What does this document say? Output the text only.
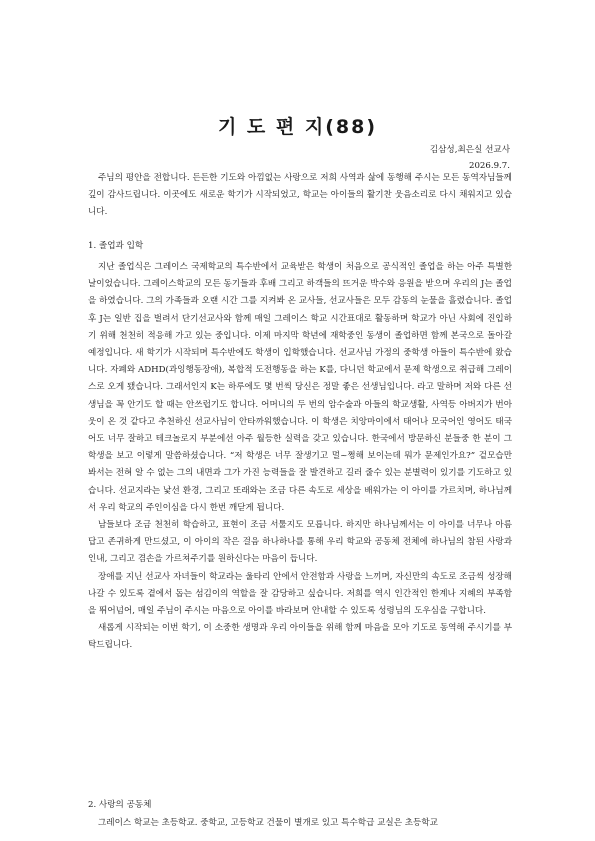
기 도 편 지(88)
김삼성,최은실 선교사
2026.9.7.

주님의 평안을 전합니다. 든든한 기도와 아낌없는 사랑으로 저희 사역과 삶에 동행해 주시는 모든 동역자님들께 깊이 감사드립니다. 이곳에도 새로운 학기가 시작되었고, 학교는 아이들의 활기찬 웃음소리로 다시 채워지고 있습니다.

1. 졸업과 입학

지난 졸업식은 그레이스 국제학교의 특수반에서 교육받은 학생이 처음으로 공식적인 졸업을 하는 아주 특별한 날이었습니다. 그레이스학교의 모든 동기들과 후배 그리고 하객들의 뜨거운 박수와 응원을 받으며 우리의 J는 졸업을 하였습니다. 그의 가족들과 오랜 시간 그를 지켜봐 온 교사들, 선교사들은 모두 감동의 눈물을 흘렸습니다. 졸업후 J는 일반 집을 벌려서 단기선교사와 함께 매일 그레이스 학교 시간표대로 활동하며 학교가 아닌 사회에 진입하기 위해 천천히 적응해 가고 있는 중입니다. 이제 마지막 학년에 재학중인 동생이 졸업하면 함께 본국으로 돌아갈 예정입니다. 새 학기가 시작되며 특수반에도 학생이 입학했습니다. 선교사님 가정의 중학생 아들이 특수반에 왔습니다. 자폐와 ADHD(과잉행동장애), 복합적 도전행동을 하는 K를, 다니던 학교에서 문제 학생으로 취급해 그레이스로 오게 됐습니다. 그래서인지 K는 하루에도 몇 번씩 당신은 정말 좋은 선생님입니다. 라고 말하며 저와 다른 선생님을 꼭 안기도 할 때는 안쓰럽기도 합니다. 어머니의 두 번의 암수술과 아들의 학교생활, 사역등 아버지가 번아웃이 온 것 같다고 추천하신 선교사님이 안타까워했습니다. 이 학생은 치앙마이에서 태어나 모국어인 영어도 태국어도 너무 잘하고 테크놀로지 부분에선 아주 월등한 실력을 갖고 있습니다. 한국에서 방문하신 분들중 한 분이 그 학생을 보고 이렇게 말씀하셨습니다. “저 학생은 너무 잘생기고 멀~쩡해 보이는데 뭐가 문제인가요?” 겉모습만 봐서는 전혀 알 수 없는 그의 내면과 그가 가진 능력들을 잘 발견하고 길러 줄수 있는 분별력이 있기를 기도하고 있습니다. 선교지라는 낯선 환경, 그리고 또래와는 조금 다른 속도로 세상을 배워가는 이 아이를 가르치며, 하나님께서 우리 학교의 주인이심을 다시 한번 깨닫게 됩니다.

남들보다 조금 천천히 학습하고, 표현이 조금 서툴지도 모릅니다. 하지만 하나님께서는 이 아이를 너무나 아름답고 존귀하게 만드셨고, 이 아이의 작은 걸음 하나하나를 통해 우리 학교와 공동체 전체에 하나님의 참된 사랑과 인내, 그리고 겸손을 가르쳐주기를 원하신다는 마음이 듭니다.

장애를 지닌 선교사 자녀들이 학교라는 울타리 안에서 안전함과 사랑을 느끼며, 자신만의 속도로 조금씩 성장해 나갈 수 있도록 곁에서 돕는 섬김이의 역할을 잘 감당하고 싶습니다. 저희를 역시 인간적인 한계나 지혜의 부족함을 뛰어넘어, 매일 주님이 주시는 마음으로 아이를 바라보며 안내할 수 있도록 성령님의 도우심을 구합니다.

새롭게 시작되는 이번 학기, 이 소중한 생명과 우리 아이들을 위해 함께 마음을 모아 기도로 동역해 주시기를 부탁드립니다.

2. 사랑의 공동체

그레이스 학교는 초등학교. 중학교, 고등학교 건물이 별개로 있고 특수학급 교실은 초등학교
